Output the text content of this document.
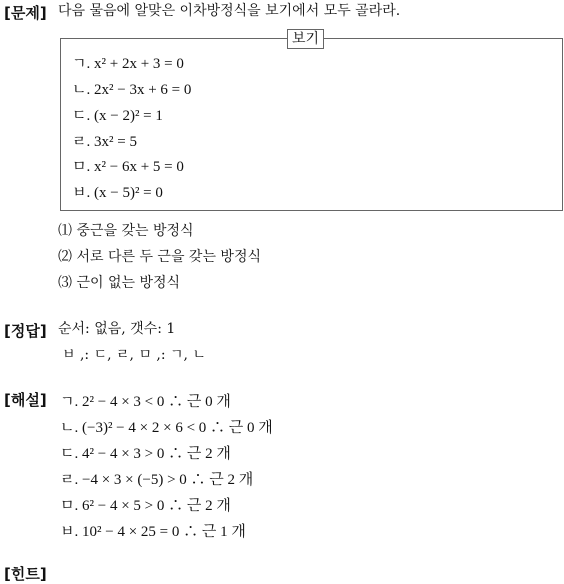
[문제] 다음 물음에 알맞은 이차방정식을 보기에서 모두 골라라.
보기
ㄱ. x² + 2x + 3 = 0
ㄴ. 2x² − 3x + 6 = 0
ㄷ. (x − 2)² = 1
ㄹ. 3x² = 5
ㅁ. x² − 6x + 5 = 0
ㅂ. (x − 5)² = 0
⑴ 중근을 갖는 방정식
⑵ 서로 다른 두 근을 갖는 방정식
⑶ 근이 없는 방정식
[정답] 순서: 없음, 갯수: 1
ㅂ ,: ㄷ, ㄹ, ㅁ ,: ㄱ, ㄴ
[해설] ㄱ. 2² − 4 × 3 < 0 ∴ 근 0 개
ㄴ. (−3)² − 4 × 2 × 6 < 0 ∴ 근 0 개
ㄷ. 4² − 4 × 3 > 0 ∴ 근 2 개
ㄹ. −4 × 3 × (−5) > 0 ∴ 근 2 개
ㅁ. 6² − 4 × 5 > 0 ∴ 근 2 개
ㅂ. 10² − 4 × 25 = 0 ∴ 근 1 개
[힌트]
